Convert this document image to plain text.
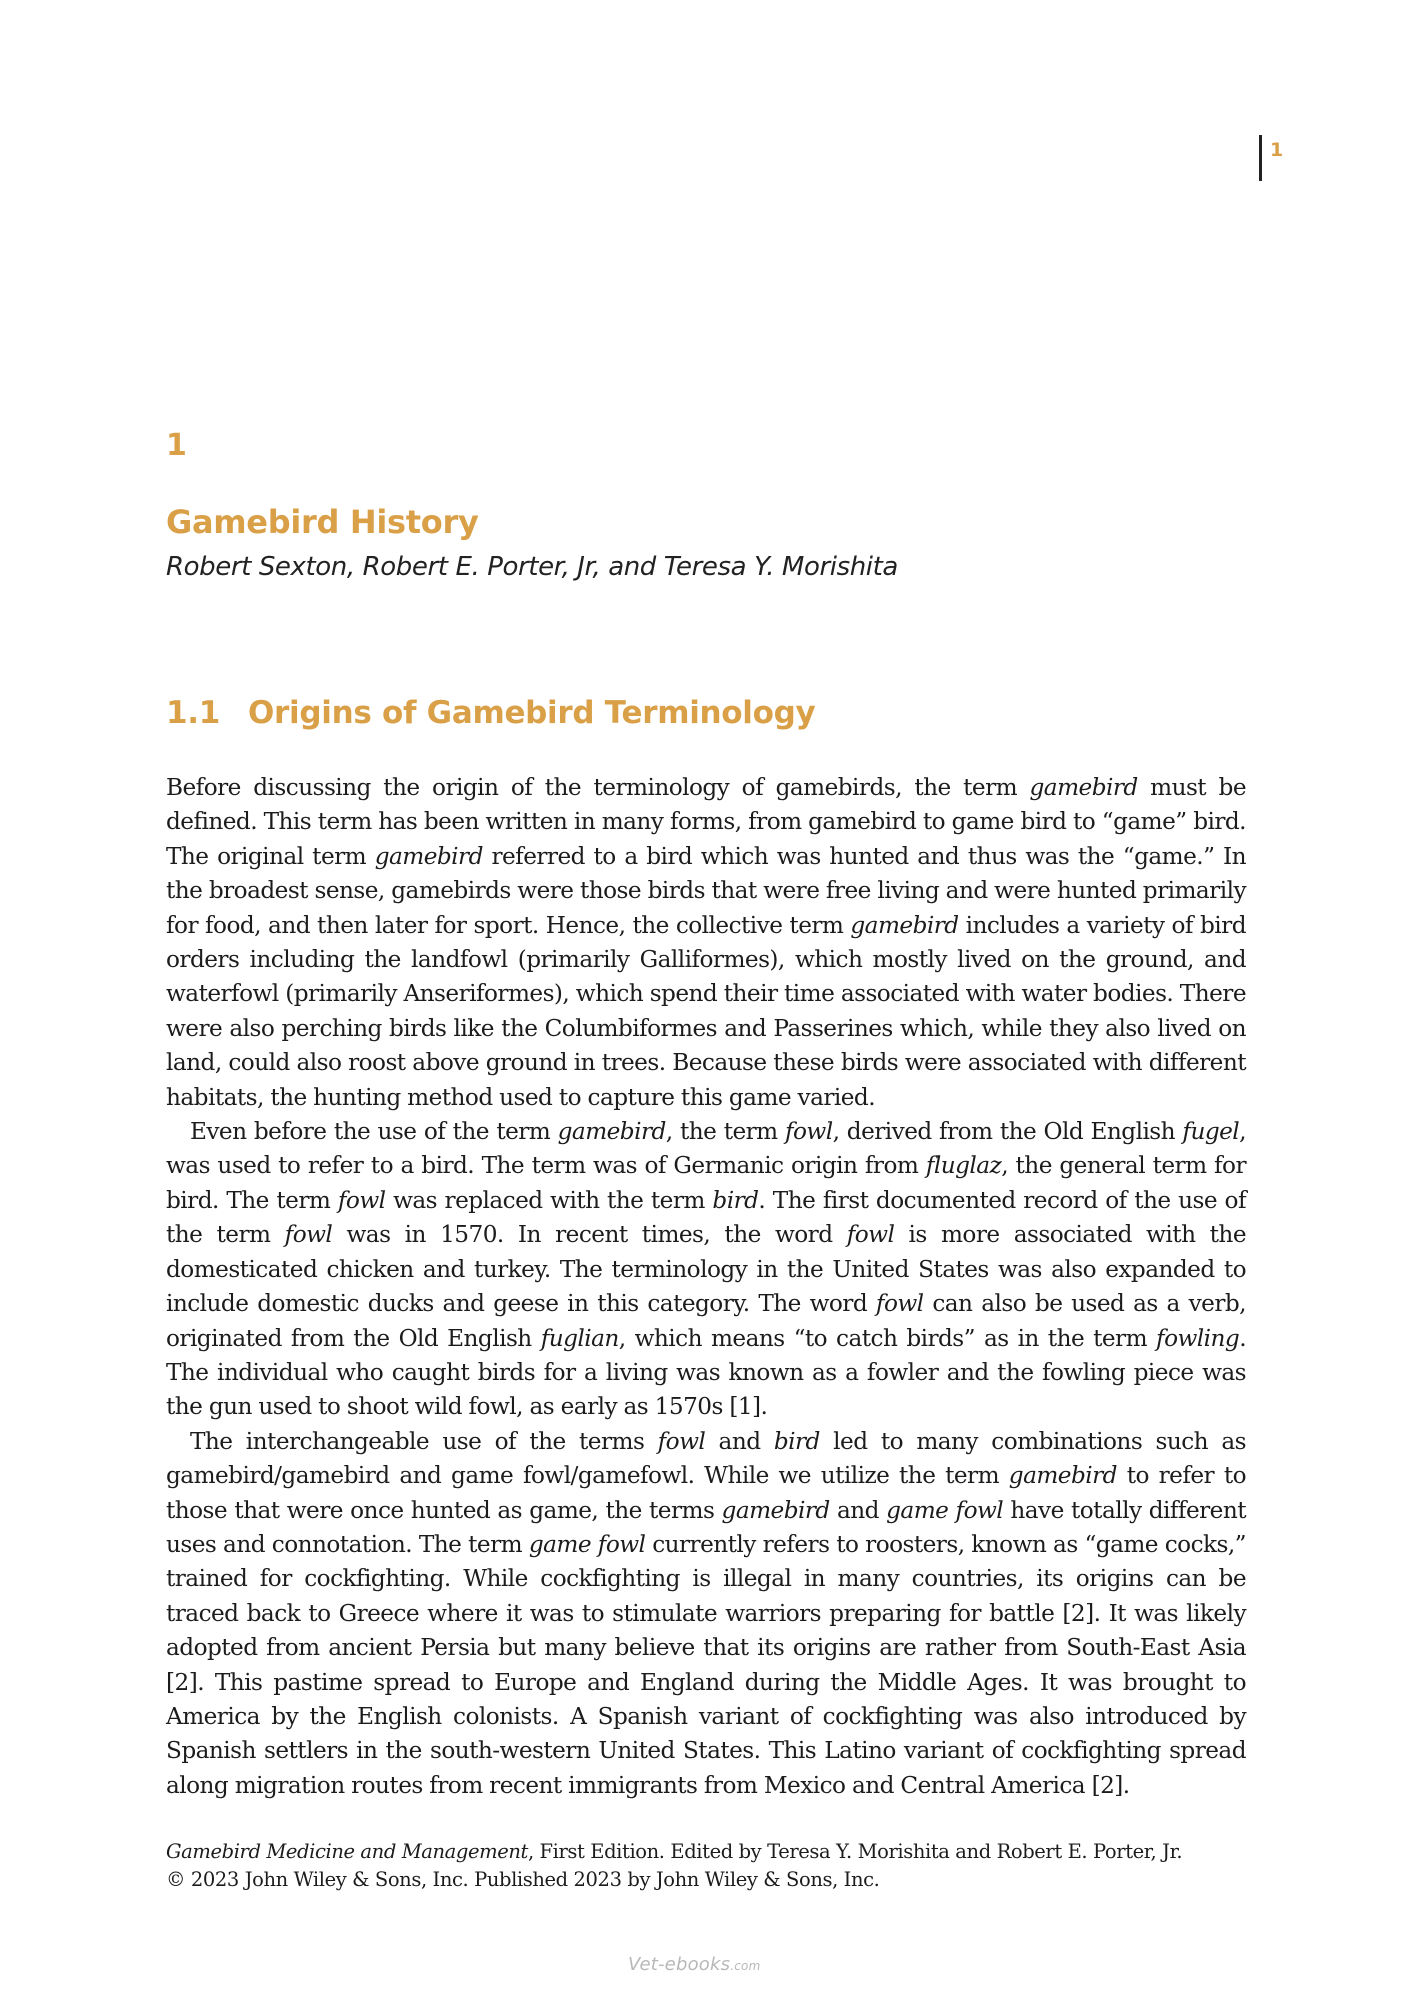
1
1
Gamebird History
Robert Sexton, Robert E. Porter, Jr, and Teresa Y. Morishita
1.1 Origins of Gamebird Terminology

Before discussing the origin of the terminology of gamebirds, the term gamebird must be defined. This term has been written in many forms, from gamebird to game bird to “game” bird. The original term gamebird referred to a bird which was hunted and thus was the “game.” In the broadest sense, gamebirds were those birds that were free living and were hunted primarily for food, and then later for sport. Hence, the collective term gamebird includes a variety of bird orders including the landfowl (primarily Galliformes), which mostly lived on the ground, and waterfowl (primarily Anseriformes), which spend their time associated with water bodies. There were also perching birds like the Columbiformes and Passerines which, while they also lived on land, could also roost above ground in trees. Because these birds were associated with different habitats, the hunting method used to capture this game varied.

Even before the use of the term gamebird, the term fowl, derived from the Old English fugel, was used to refer to a bird. The term was of Germanic origin from fluglaz, the general term for bird. The term fowl was replaced with the term bird. The first documented record of the use of the term fowl was in 1570. In recent times, the word fowl is more associated with the domesticated chicken and turkey. The terminology in the United States was also expanded to include domestic ducks and geese in this category. The word fowl can also be used as a verb, originated from the Old English fuglian, which means “to catch birds” as in the term fowling. The individual who caught birds for a living was known as a fowler and the fowling piece was the gun used to shoot wild fowl, as early as 1570s [1].

The interchangeable use of the terms fowl and bird led to many combinations such as gamebird/gamebird and game fowl/gamefowl. While we utilize the term gamebird to refer to those that were once hunted as game, the terms gamebird and game fowl have totally different uses and connotation. The term game fowl currently refers to roosters, known as “game cocks,” trained for cockfighting. While cockfighting is illegal in many countries, its origins can be traced back to Greece where it was to stimulate warriors preparing for battle [2]. It was likely adopted from ancient Persia but many believe that its origins are rather from South-East Asia [2]. This pastime spread to Europe and England during the Middle Ages. It was brought to America by the English colonists. A Spanish variant of cockfighting was also introduced by Spanish settlers in the south-western United States. This Latino variant of cockfighting spread along migration routes from recent immigrants from Mexico and Central America [2].

Gamebird Medicine and Management, First Edition. Edited by Teresa Y. Morishita and Robert E. Porter, Jr.
© 2023 John Wiley & Sons, Inc. Published 2023 by John Wiley & Sons, Inc.
Vet-ebooks.com
